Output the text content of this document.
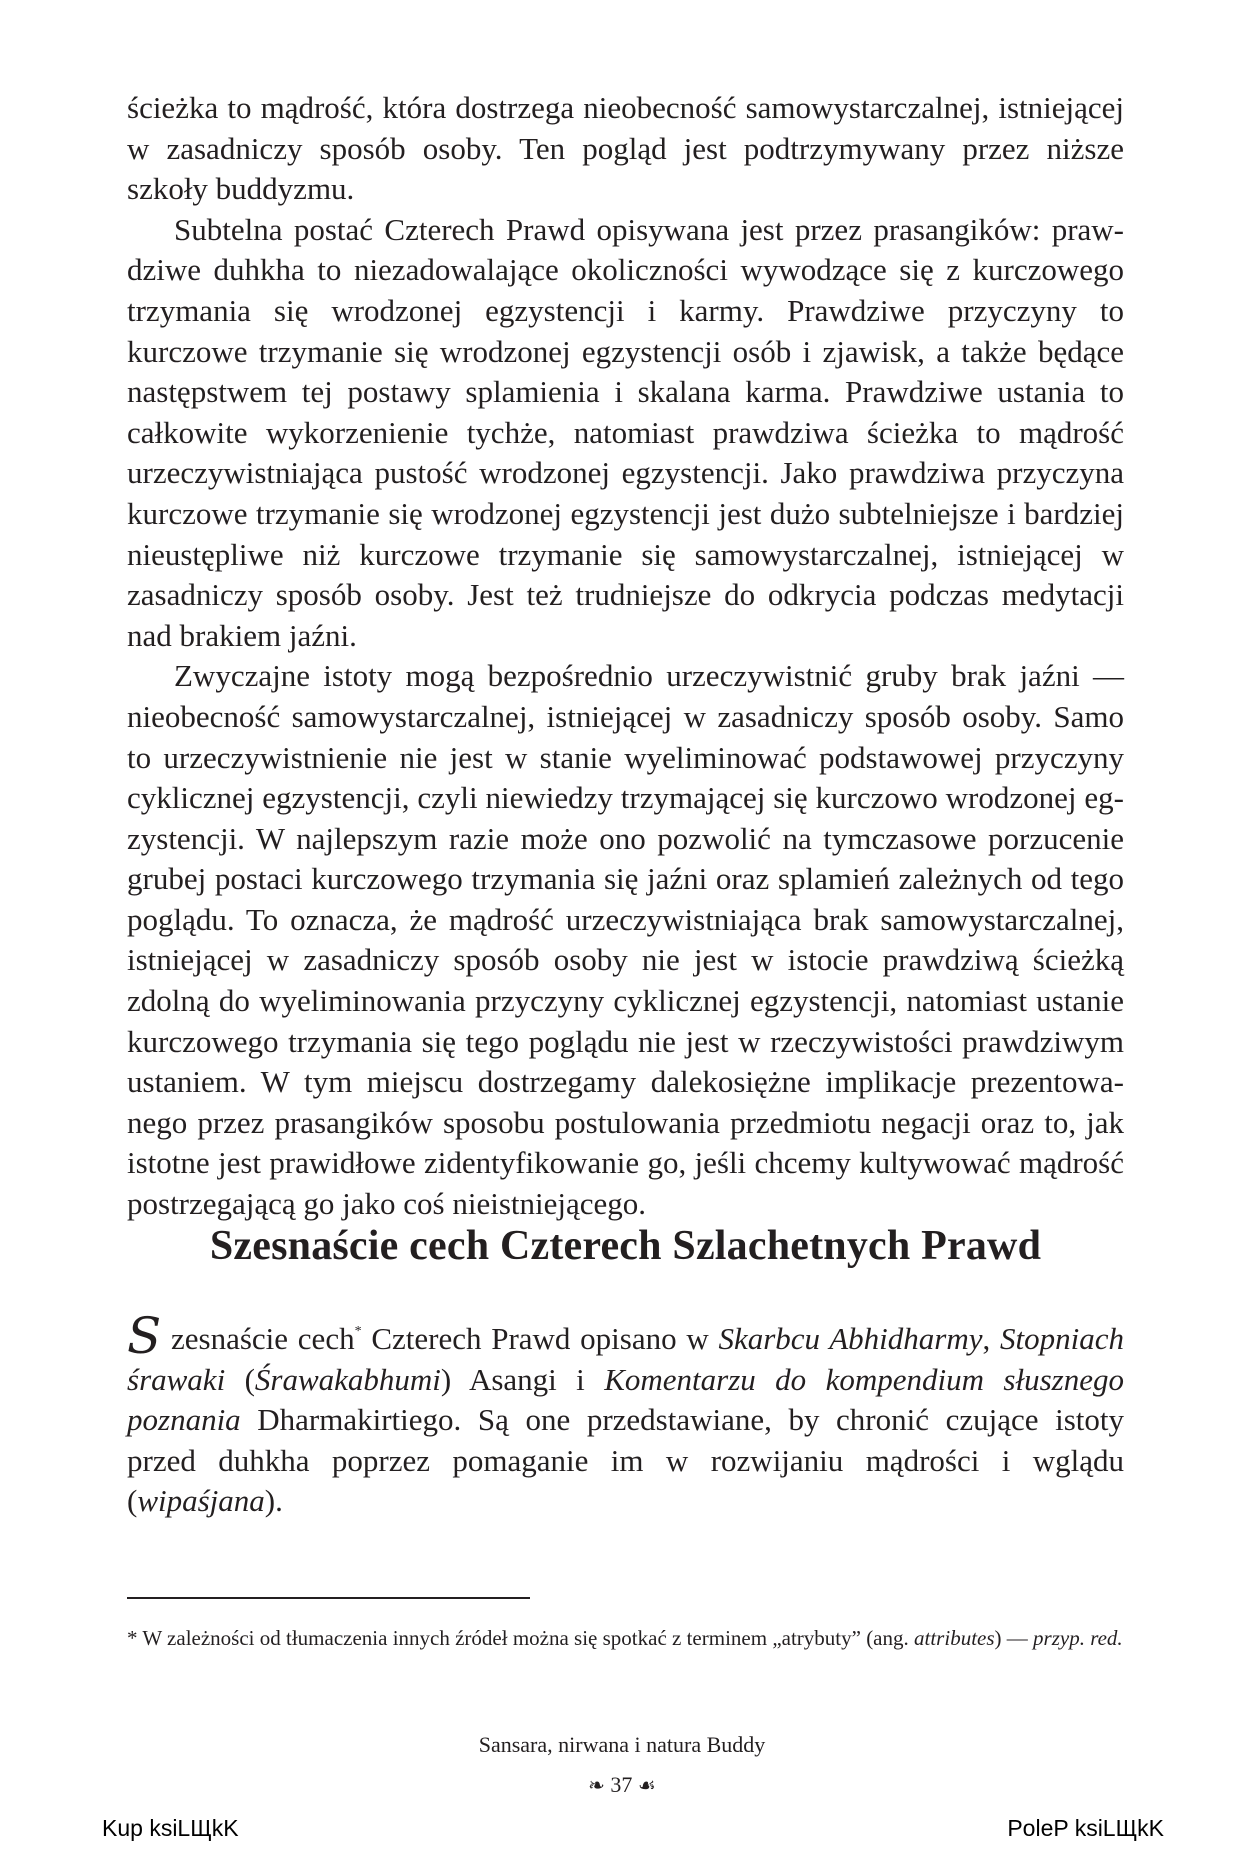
ścieżka to mądrość, która dostrzega nieobecność samowystarczalnej, istniejącej w zasadniczy sposób osoby. Ten pogląd jest podtrzymywany przez niższe szkoły buddyzmu.

Subtelna postać Czterech Prawd opisywana jest przez prasangików: prawdziwe duhkha to niezadowalające okoliczności wywodzące się z kurczowego trzymania się wrodzonej egzystencji i karmy. Prawdziwe przyczyny to kurczowe trzymanie się wrodzonej egzystencji osób i zjawisk, a także będące następstwem tej postawy splamienia i skalana karma. Prawdziwe ustania to całkowite wykorzenienie tychże, natomiast prawdziwa ścieżka to mądrość urzeczywistniająca pustość wrodzonej egzystencji. Jako prawdziwa przyczyna kurczowe trzymanie się wrodzonej egzystencji jest dużo subtelniejsze i bardziej nieustępliwe niż kurczowe trzymanie się samowystarczalnej, istniejącej w zasadniczy sposób osoby. Jest też trudniejsze do odkrycia podczas medytacji nad brakiem jaźni.

Zwyczajne istoty mogą bezpośrednio urzeczywistnić gruby brak jaźni — nieobecność samowystarczalnej, istniejącej w zasadniczy sposób osoby. Samo to urzeczywistnienie nie jest w stanie wyeliminować podstawowej przyczyny cyklicznej egzystencji, czyli niewiedzy trzymającej się kurczowo wrodzonej egzystencji. W najlepszym razie może ono pozwolić na tymczasowe porzucenie grubej postaci kurczowego trzymania się jaźni oraz splamień zależnych od tego poglądu. To oznacza, że mądrość urzeczywistniająca brak samowystarczalnej, istniejącej w zasadniczy sposób osoby nie jest w istocie prawdziwą ścieżką zdolną do wyeliminowania przyczyny cyklicznej egzystencji, natomiast ustanie kurczowego trzymania się tego poglądu nie jest w rzeczywistości prawdziwym ustaniem. W tym miejscu dostrzegamy dalekosiężne implikacje prezentowanego przez prasangików sposobu postulowania przedmiotu negacji oraz to, jak istotne jest prawidłowe zidentyfikowanie go, jeśli chcemy kultywować mądrość postrzegającą go jako coś nieistniejącego.

Szesnaście cech Czterech Szlachetnych Prawd

S zesnaście cech* Czterech Prawd opisano w Skarbcu Abhidharmy, Stopniach śrawaki (Śrawakabhumi) Asangi i Komentarzu do kompendium słusznego poznania Dharmakirtiego. Są one przedstawiane, by chronić czujące istoty przed duhkha poprzez pomaganie im w rozwijaniu mądrości i wglądu (wipaśjana).

* W zależności od tłumaczenia innych źródeł można się spotkać z terminem „atrybuty” (ang. attributes) — przyp. red.

Sansara, nirwana i natura Buddy

❧ 37 ☙

Kup ksiLЩkK	PoleP ksiLЩkK
